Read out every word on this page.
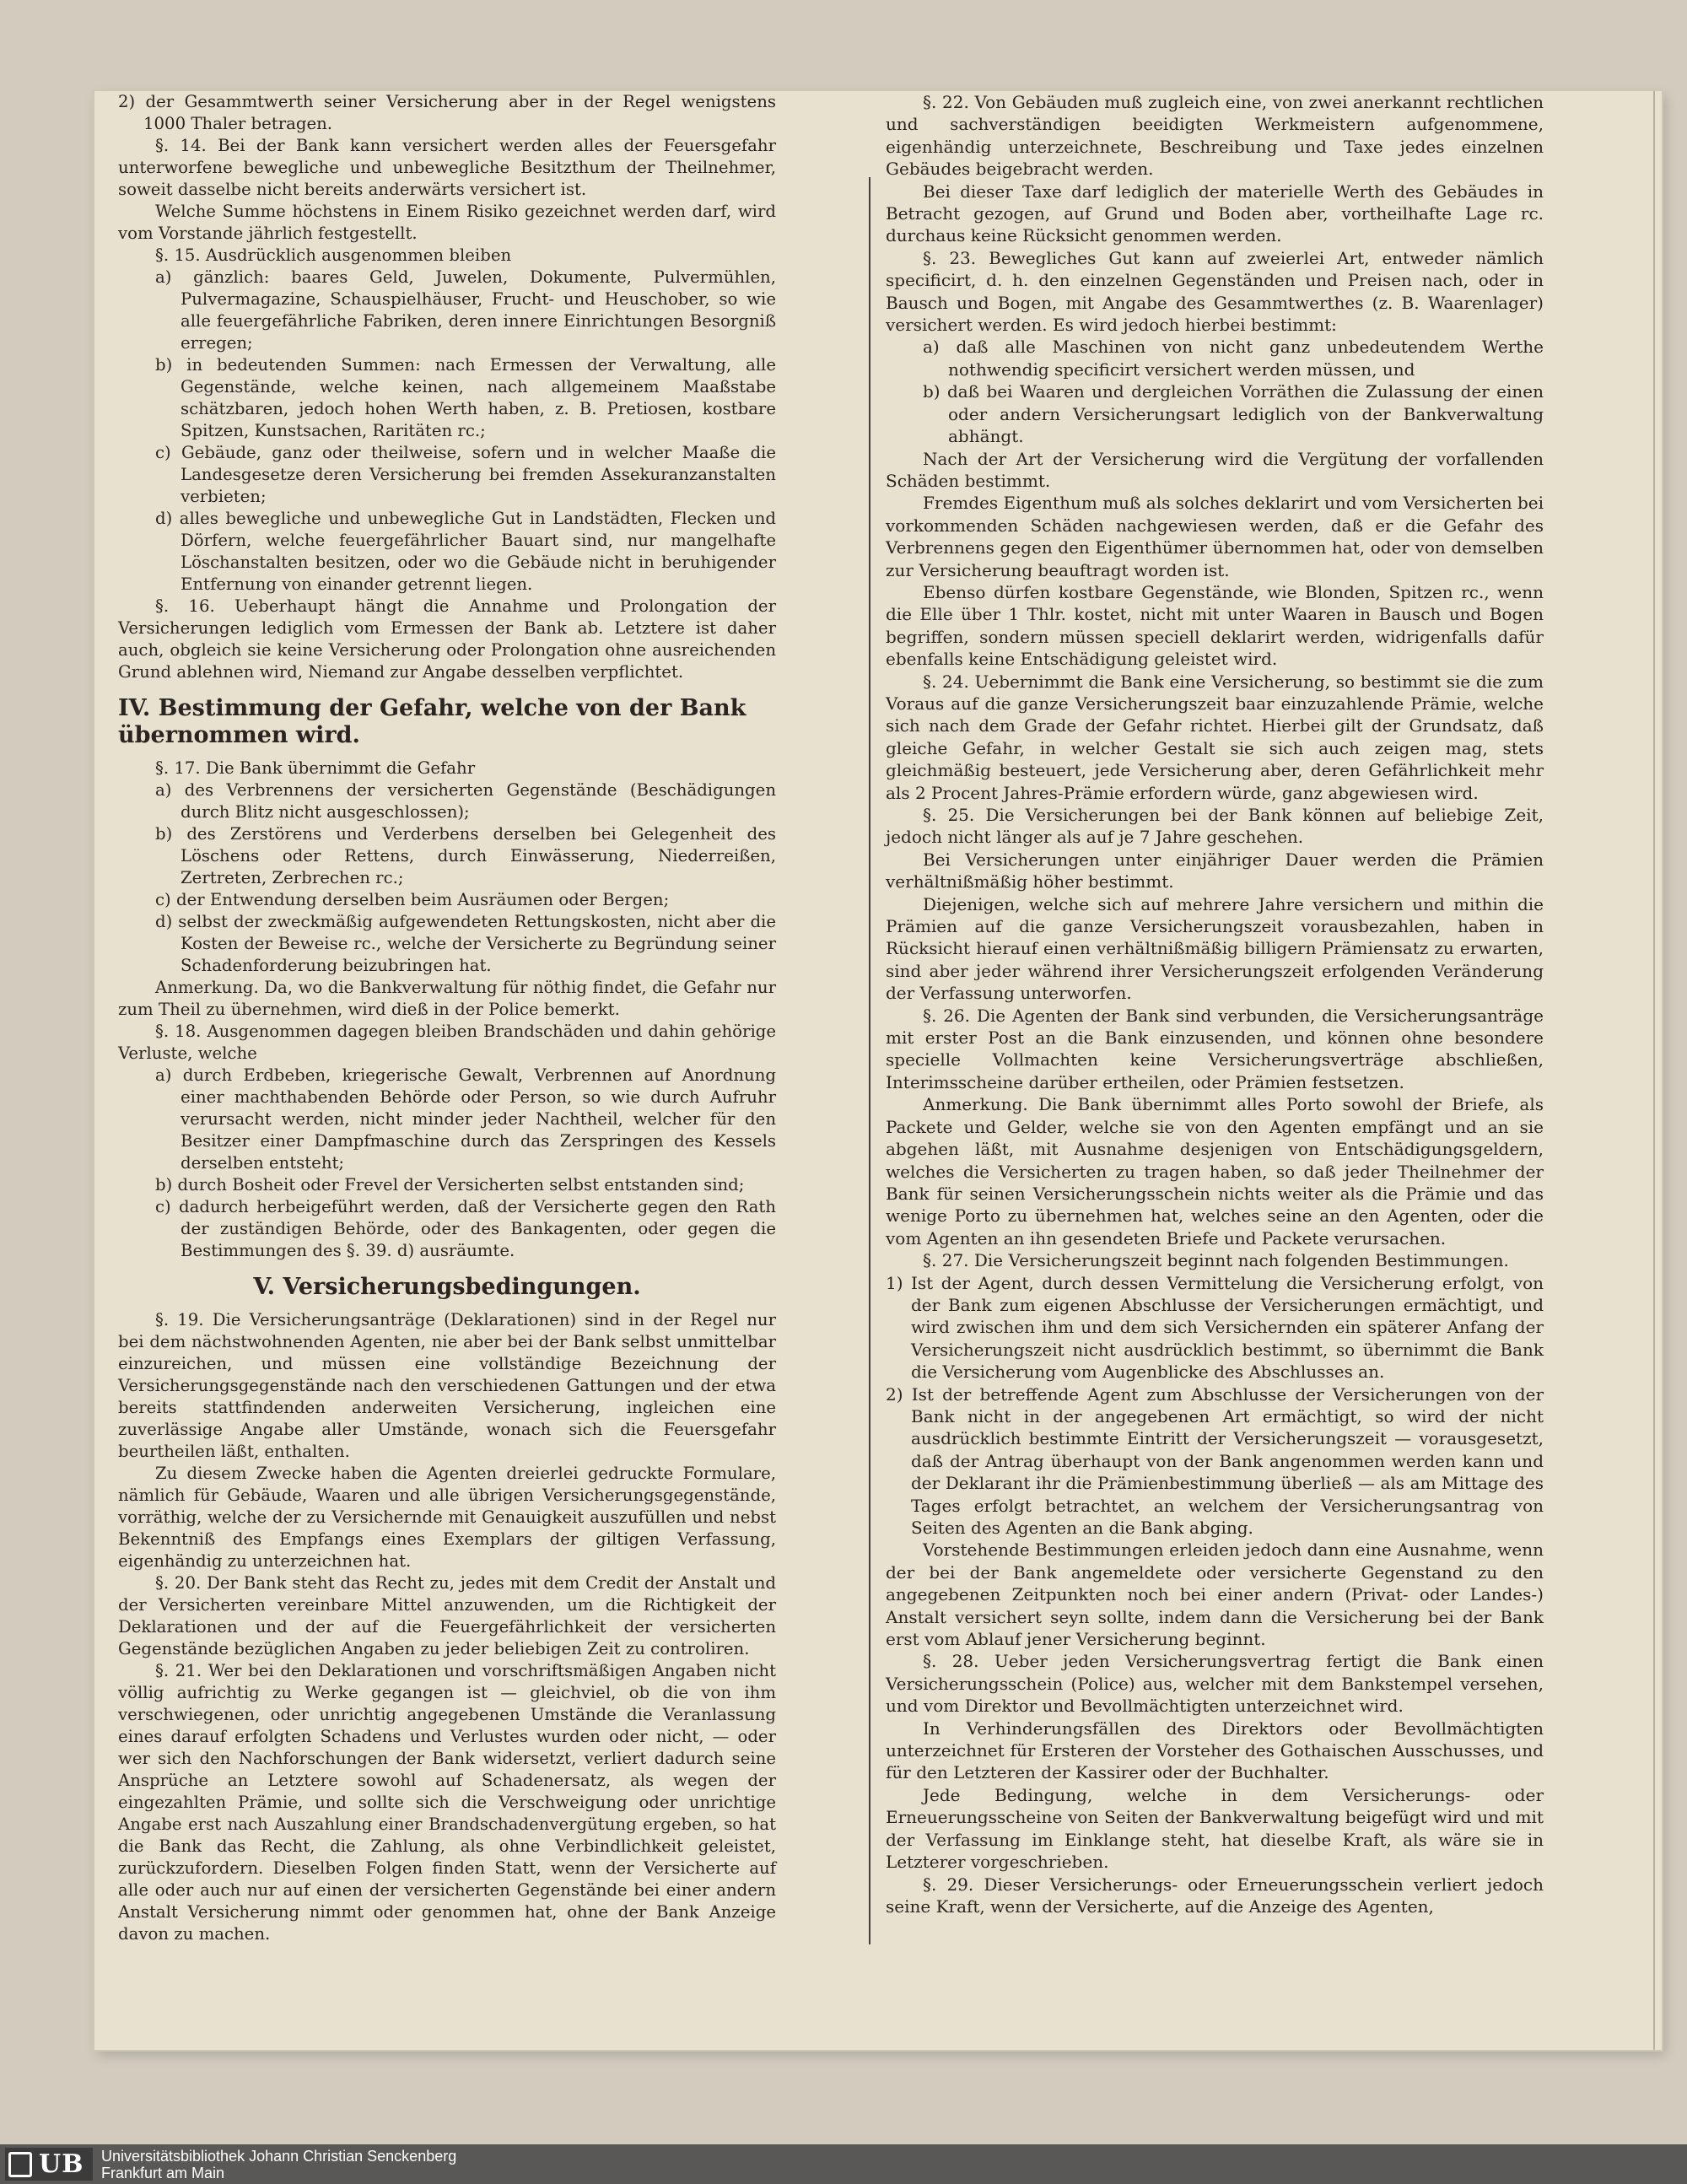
2) der Gesammtwerth seiner Versicherung aber in der Regel wenigstens 1000 Thaler betragen.

§. 14. Bei der Bank kann versichert werden alles der Feuersgefahr unterworfene bewegliche und unbewegliche Besitzthum der Theilnehmer, soweit dasselbe nicht bereits anderwärts versichert ist.

Welche Summe höchstens in Einem Risiko gezeichnet werden darf, wird vom Vorstande jährlich festgestellt.

§. 15. Ausdrücklich ausgenommen bleiben

a) gänzlich: baares Geld, Juwelen, Dokumente, Pulvermühlen, Pulvermagazine, Schauspielhäuser, Frucht- und Heuschober, so wie alle feuergefährliche Fabriken, deren innere Einrichtungen Besorgniß erregen;

b) in bedeutenden Summen: nach Ermessen der Verwaltung, alle Gegenstände, welche keinen, nach allgemeinem Maaßstabe schätzbaren, jedoch hohen Werth haben, z. B. Pretiosen, kostbare Spitzen, Kunstsachen, Raritäten rc.;

c) Gebäude, ganz oder theilweise, sofern und in welcher Maaße die Landesgesetze deren Versicherung bei fremden Assekuranzanstalten verbieten;

d) alles bewegliche und unbewegliche Gut in Landstädten, Flecken und Dörfern, welche feuergefährlicher Bauart sind, nur mangelhafte Löschanstalten besitzen, oder wo die Gebäude nicht in beruhigender Entfernung von einander getrennt liegen.

§. 16. Ueberhaupt hängt die Annahme und Prolongation der Versicherungen lediglich vom Ermessen der Bank ab. Letztere ist daher auch, obgleich sie keine Versicherung oder Prolongation ohne ausreichenden Grund ablehnen wird, Niemand zur Angabe desselben verpflichtet.

IV. Bestimmung der Gefahr, welche von der Bank übernommen wird.

§. 17. Die Bank übernimmt die Gefahr

a) des Verbrennens der versicherten Gegenstände (Beschädigungen durch Blitz nicht ausgeschlossen);

b) des Zerstörens und Verderbens derselben bei Gelegenheit des Löschens oder Rettens, durch Einwässerung, Niederreißen, Zertreten, Zerbrechen rc.;

c) der Entwendung derselben beim Ausräumen oder Bergen;

d) selbst der zweckmäßig aufgewendeten Rettungskosten, nicht aber die Kosten der Beweise rc., welche der Versicherte zu Begründung seiner Schadenforderung beizubringen hat.

Anmerkung. Da, wo die Bankverwaltung für nöthig findet, die Gefahr nur zum Theil zu übernehmen, wird dieß in der Police bemerkt.

§. 18. Ausgenommen dagegen bleiben Brandschäden und dahin gehörige Verluste, welche

a) durch Erdbeben, kriegerische Gewalt, Verbrennen auf Anordnung einer machthabenden Behörde oder Person, so wie durch Aufruhr verursacht werden, nicht minder jeder Nachtheil, welcher für den Besitzer einer Dampfmaschine durch das Zerspringen des Kessels derselben entsteht;

b) durch Bosheit oder Frevel der Versicherten selbst entstanden sind;

c) dadurch herbeigeführt werden, daß der Versicherte gegen den Rath der zuständigen Behörde, oder des Bankagenten, oder gegen die Bestimmungen des §. 39. d) ausräumte.

V. Versicherungsbedingungen.

§. 19. Die Versicherungsanträge (Deklarationen) sind in der Regel nur bei dem nächstwohnenden Agenten, nie aber bei der Bank selbst unmittelbar einzureichen, und müssen eine vollständige Bezeichnung der Versicherungsgegenstände nach den verschiedenen Gattungen und der etwa bereits stattfindenden anderweiten Versicherung, ingleichen eine zuverlässige Angabe aller Umstände, wonach sich die Feuersgefahr beurtheilen läßt, enthalten.

Zu diesem Zwecke haben die Agenten dreierlei gedruckte Formulare, nämlich für Gebäude, Waaren und alle übrigen Versicherungsgegenstände, vorräthig, welche der zu Versichernde mit Genauigkeit auszufüllen und nebst Bekenntniß des Empfangs eines Exemplars der giltigen Verfassung, eigenhändig zu unterzeichnen hat.

§. 20. Der Bank steht das Recht zu, jedes mit dem Credit der Anstalt und der Versicherten vereinbare Mittel anzuwenden, um die Richtigkeit der Deklarationen und der auf die Feuergefährlichkeit der versicherten Gegenstände bezüglichen Angaben zu jeder beliebigen Zeit zu controliren.

§. 21. Wer bei den Deklarationen und vorschriftsmäßigen Angaben nicht völlig aufrichtig zu Werke gegangen ist — gleichviel, ob die von ihm verschwiegenen, oder unrichtig angegebenen Umstände die Veranlassung eines darauf erfolgten Schadens und Verlustes wurden oder nicht, — oder wer sich den Nachforschungen der Bank widersetzt, verliert dadurch seine Ansprüche an Letztere sowohl auf Schadenersatz, als wegen der eingezahlten Prämie, und sollte sich die Verschweigung oder unrichtige Angabe erst nach Auszahlung einer Brandschadenvergütung ergeben, so hat die Bank das Recht, die Zahlung, als ohne Verbindlichkeit geleistet, zurückzufordern. Dieselben Folgen finden Statt, wenn der Versicherte auf alle oder auch nur auf einen der versicherten Gegenstände bei einer andern Anstalt Versicherung nimmt oder genommen hat, ohne der Bank Anzeige davon zu machen.

§. 22. Von Gebäuden muß zugleich eine, von zwei anerkannt rechtlichen und sachverständigen beeidigten Werkmeistern aufgenommene, eigenhändig unterzeichnete, Beschreibung und Taxe jedes einzelnen Gebäudes beigebracht werden.

Bei dieser Taxe darf lediglich der materielle Werth des Gebäudes in Betracht gezogen, auf Grund und Boden aber, vortheilhafte Lage rc. durchaus keine Rücksicht genommen werden.

§. 23. Bewegliches Gut kann auf zweierlei Art, entweder nämlich specificirt, d. h. den einzelnen Gegenständen und Preisen nach, oder in Bausch und Bogen, mit Angabe des Gesammtwerthes (z. B. Waarenlager) versichert werden. Es wird jedoch hierbei bestimmt:

a) daß alle Maschinen von nicht ganz unbedeutendem Werthe nothwendig specificirt versichert werden müssen, und

b) daß bei Waaren und dergleichen Vorräthen die Zulassung der einen oder andern Versicherungsart lediglich von der Bankverwaltung abhängt.

Nach der Art der Versicherung wird die Vergütung der vorfallenden Schäden bestimmt.

Fremdes Eigenthum muß als solches deklarirt und vom Versicherten bei vorkommenden Schäden nachgewiesen werden, daß er die Gefahr des Verbrennens gegen den Eigenthümer übernommen hat, oder von demselben zur Versicherung beauftragt worden ist.

Ebenso dürfen kostbare Gegenstände, wie Blonden, Spitzen rc., wenn die Elle über 1 Thlr. kostet, nicht mit unter Waaren in Bausch und Bogen begriffen, sondern müssen speciell deklarirt werden, widrigenfalls dafür ebenfalls keine Entschädigung geleistet wird.

§. 24. Uebernimmt die Bank eine Versicherung, so bestimmt sie die zum Voraus auf die ganze Versicherungszeit baar einzuzahlende Prämie, welche sich nach dem Grade der Gefahr richtet. Hierbei gilt der Grundsatz, daß gleiche Gefahr, in welcher Gestalt sie sich auch zeigen mag, stets gleichmäßig besteuert, jede Versicherung aber, deren Gefährlichkeit mehr als 2 Procent Jahres-Prämie erfordern würde, ganz abgewiesen wird.

§. 25. Die Versicherungen bei der Bank können auf beliebige Zeit, jedoch nicht länger als auf je 7 Jahre geschehen.

Bei Versicherungen unter einjähriger Dauer werden die Prämien verhältnißmäßig höher bestimmt.

Diejenigen, welche sich auf mehrere Jahre versichern und mithin die Prämien auf die ganze Versicherungszeit vorausbezahlen, haben in Rücksicht hierauf einen verhältnißmäßig billigern Prämiensatz zu erwarten, sind aber jeder während ihrer Versicherungszeit erfolgenden Veränderung der Verfassung unterworfen.

§. 26. Die Agenten der Bank sind verbunden, die Versicherungsanträge mit erster Post an die Bank einzusenden, und können ohne besondere specielle Vollmachten keine Versicherungsverträge abschließen, Interimsscheine darüber ertheilen, oder Prämien festsetzen.

Anmerkung. Die Bank übernimmt alles Porto sowohl der Briefe, als Packete und Gelder, welche sie von den Agenten empfängt und an sie abgehen läßt, mit Ausnahme desjenigen von Entschädigungsgeldern, welches die Versicherten zu tragen haben, so daß jeder Theilnehmer der Bank für seinen Versicherungsschein nichts weiter als die Prämie und das wenige Porto zu übernehmen hat, welches seine an den Agenten, oder die vom Agenten an ihn gesendeten Briefe und Packete verursachen.

§. 27. Die Versicherungszeit beginnt nach folgenden Bestimmungen.

1) Ist der Agent, durch dessen Vermittelung die Versicherung erfolgt, von der Bank zum eigenen Abschlusse der Versicherungen ermächtigt, und wird zwischen ihm und dem sich Versichernden ein späterer Anfang der Versicherungszeit nicht ausdrücklich bestimmt, so übernimmt die Bank die Versicherung vom Augenblicke des Abschlusses an.

2) Ist der betreffende Agent zum Abschlusse der Versicherungen von der Bank nicht in der angegebenen Art ermächtigt, so wird der nicht ausdrücklich bestimmte Eintritt der Versicherungszeit — vorausgesetzt, daß der Antrag überhaupt von der Bank angenommen werden kann und der Deklarant ihr die Prämienbestimmung überließ — als am Mittage des Tages erfolgt betrachtet, an welchem der Versicherungsantrag von Seiten des Agenten an die Bank abging.

Vorstehende Bestimmungen erleiden jedoch dann eine Ausnahme, wenn der bei der Bank angemeldete oder versicherte Gegenstand zu den angegebenen Zeitpunkten noch bei einer andern (Privat- oder Landes-) Anstalt versichert seyn sollte, indem dann die Versicherung bei der Bank erst vom Ablauf jener Versicherung beginnt.

§. 28. Ueber jeden Versicherungsvertrag fertigt die Bank einen Versicherungsschein (Police) aus, welcher mit dem Bankstempel versehen, und vom Direktor und Bevollmächtigten unterzeichnet wird.

In Verhinderungsfällen des Direktors oder Bevollmächtigten unterzeichnet für Ersteren der Vorsteher des Gothaischen Ausschusses, und für den Letzteren der Kassirer oder der Buchhalter.

Jede Bedingung, welche in dem Versicherungs- oder Erneuerungsscheine von Seiten der Bankverwaltung beigefügt wird und mit der Verfassung im Einklange steht, hat dieselbe Kraft, als wäre sie in Letzterer vorgeschrieben.

§. 29. Dieser Versicherungs- oder Erneuerungsschein verliert jedoch seine Kraft, wenn der Versicherte, auf die Anzeige des Agenten,

UB Universitätsbibliothek Johann Christian Senckenberg
Frankfurt am Main
